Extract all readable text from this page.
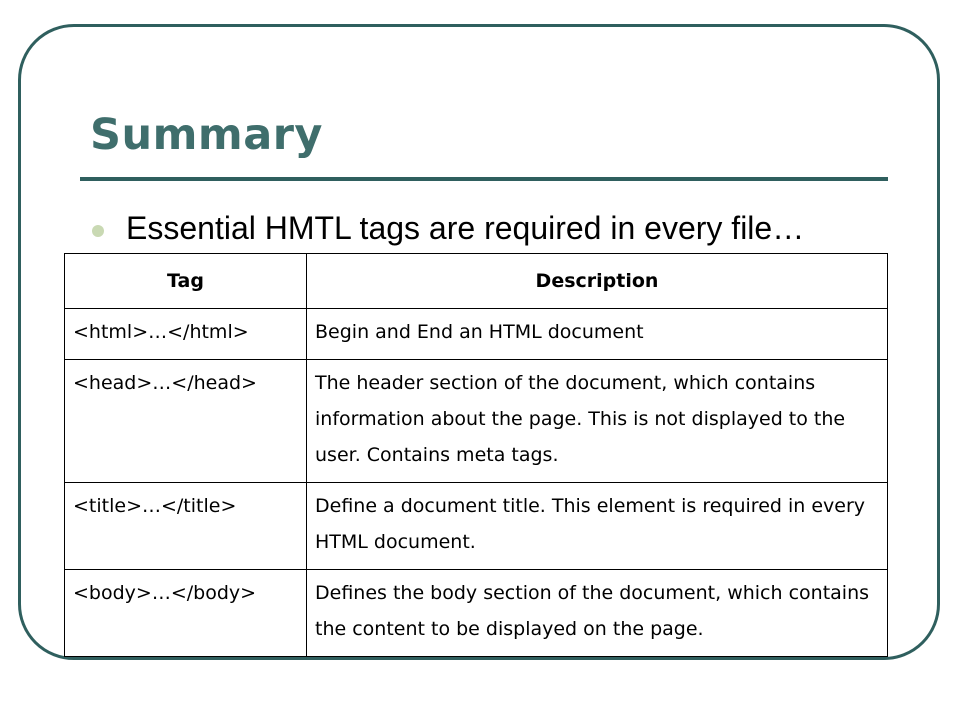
Summary
Essential HMTL tags are required in every file…
Tag	Description
<html>…</html>	Begin and End an HTML document
<head>…</head>	The header section of the document, which contains information about the page. This is not displayed to the user. Contains meta tags.
<title>…</title>	Define a document title. This element is required in every HTML document.
<body>…</body>	Defines the body section of the document, which contains the content to be displayed on the page.
